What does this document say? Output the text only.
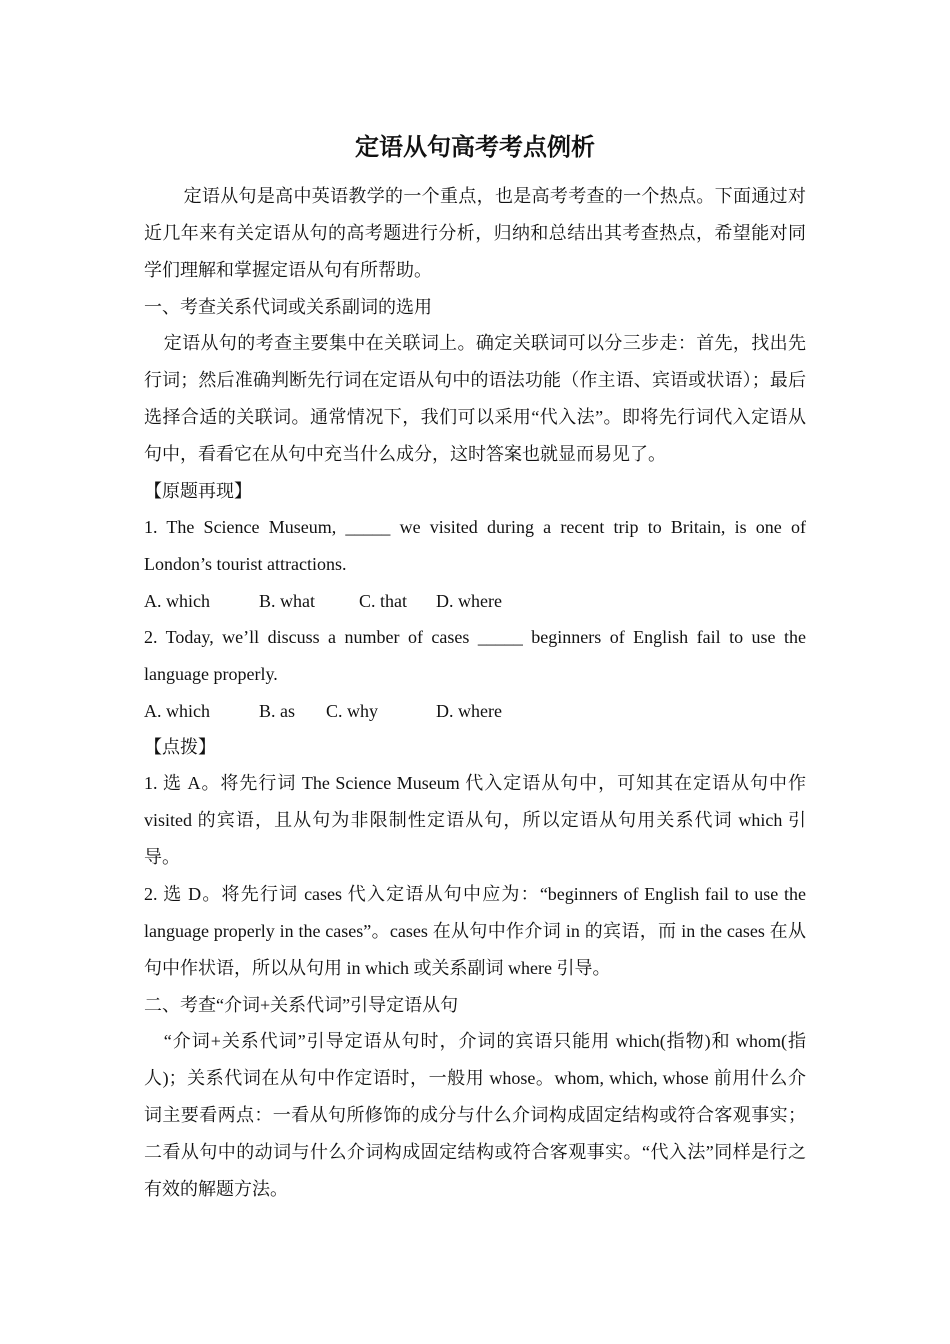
定语从句高考考点例析

定语从句是高中英语教学的一个重点，也是高考考查的一个热点。下面通过对近几年来有关定语从句的高考题进行分析，归纳和总结出其考查热点，希望能对同学们理解和掌握定语从句有所帮助。

一、考查关系代词或关系副词的选用

定语从句的考查主要集中在关联词上。确定关联词可以分三步走：首先，找出先行词；然后准确判断先行词在定语从句中的语法功能（作主语、宾语或状语）；最后选择合适的关联词。通常情况下，我们可以采用“代入法”。即将先行词代入定语从句中，看看它在从句中充当什么成分，这时答案也就显而易见了。

【原题再现】

1. The Science Museum, _____ we visited during a recent trip to Britain, is one of London’s tourist attractions.

A. which	B. what C. that D. where

2. Today, we’ll discuss a number of cases _____ beginners of English fail to use the language properly.

A. which	B. as C. why	D. where

【点拨】

1. 选 A。将先行词 The Science Museum 代入定语从句中，可知其在定语从句中作 visited 的宾语，且从句为非限制性定语从句，所以定语从句用关系代词 which 引导。

2. 选 D。将先行词 cases 代入定语从句中应为：“beginners of English fail to use the language properly in the cases”。cases 在从句中作介词 in 的宾语，而 in the cases 在从句中作状语，所以从句用 in which 或关系副词 where 引导。

二、考查“介词+关系代词”引导定语从句

“介词+关系代词”引导定语从句时，介词的宾语只能用 which(指物)和 whom(指人)；关系代词在从句中作定语时，一般用 whose。whom, which, whose 前用什么介词主要看两点：一看从句所修饰的成分与什么介词构成固定结构或符合客观事实；二看从句中的动词与什么介词构成固定结构或符合客观事实。“代入法”同样是行之有效的解题方法。
